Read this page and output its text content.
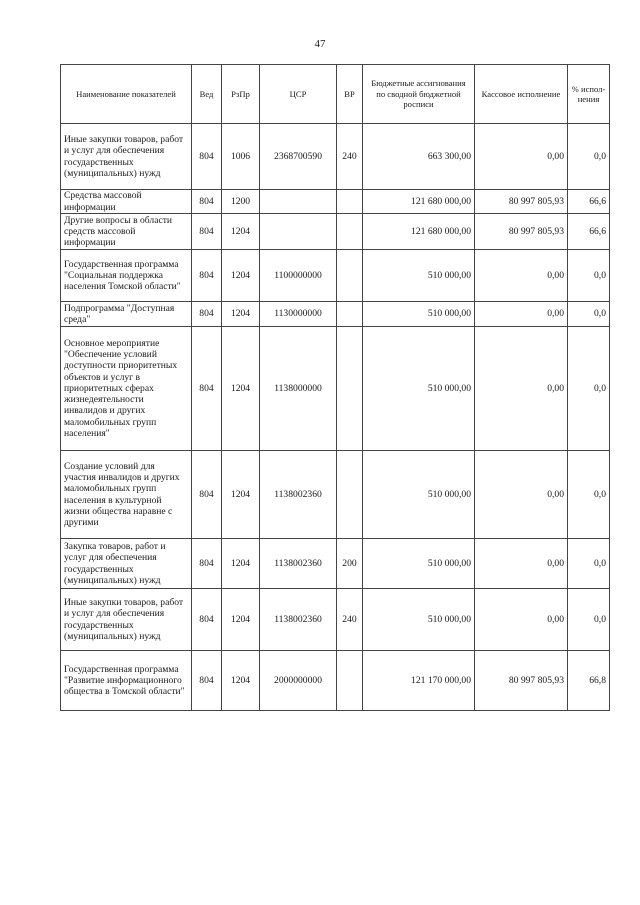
47
Наименование показателей	Вед	РзПр	ЦСР	ВР	Бюджетные ассигнования по сводной бюджетной росписи	Кассовое исполнение	% испол-нения
Иные закупки товаров, работ и услуг для обеспечения государственных (муниципальных) нужд	804	1006	2368700590	240	663 300,00	0,00	0,0
Средства массовой информации	804	1200			121 680 000,00	80 997 805,93	66,6
Другие вопросы в области средств массовой информации	804	1204			121 680 000,00	80 997 805,93	66,6
Государственная программа "Социальная поддержка населения Томской области"	804	1204	1100000000		510 000,00	0,00	0,0
Подпрограмма "Доступная среда"	804	1204	1130000000		510 000,00	0,00	0,0
Основное мероприятие "Обеспечение условий доступности приоритетных объектов и услуг в приоритетных сферах жизнедеятельности инвалидов и других маломобильных групп населения"	804	1204	1138000000		510 000,00	0,00	0,0
Создание условий для участия инвалидов и других маломобильных групп населения в культурной жизни общества наравне с другими	804	1204	1138002360		510 000,00	0,00	0,0
Закупка товаров, работ и услуг для обеспечения государственных (муниципальных) нужд	804	1204	1138002360	200	510 000,00	0,00	0,0
Иные закупки товаров, работ и услуг для обеспечения государственных (муниципальных) нужд	804	1204	1138002360	240	510 000,00	0,00	0,0
Государственная программа "Развитие информационного общества в Томской области"	804	1204	2000000000		121 170 000,00	80 997 805,93	66,8
